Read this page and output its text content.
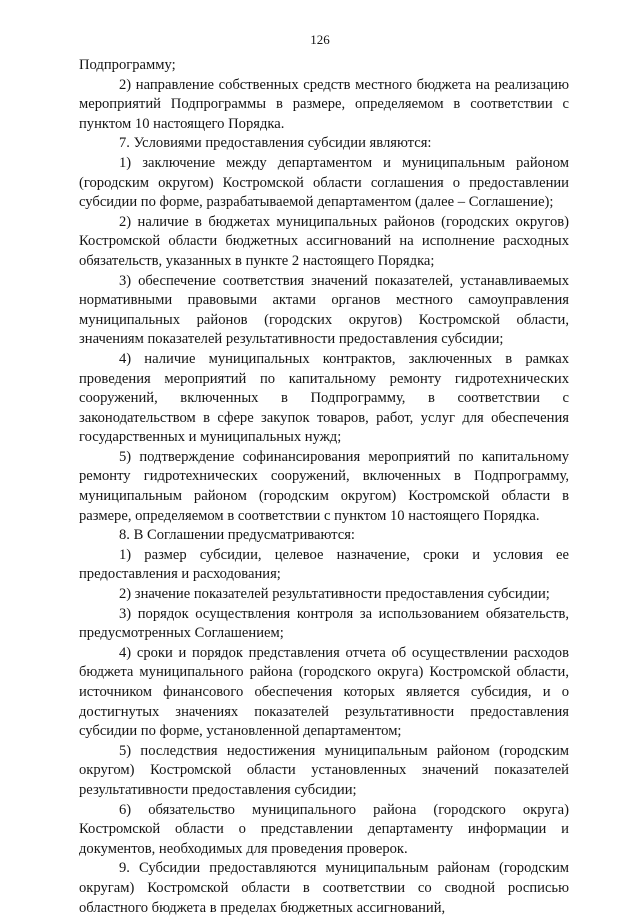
126

Подпрограмму;

2) направление собственных средств местного бюджета на реализацию мероприятий Подпрограммы в размере, определяемом в соответствии с пунктом 10 настоящего Порядка.

7. Условиями предоставления субсидии являются:

1) заключение между департаментом и муниципальным районом (городским округом) Костромской области соглашения о предоставлении субсидии по форме, разрабатываемой департаментом (далее – Соглашение);

2) наличие в бюджетах муниципальных районов (городских округов) Костромской области бюджетных ассигнований на исполнение расходных обязательств, указанных в пункте 2 настоящего Порядка;

3) обеспечение соответствия значений показателей, устанавливаемых нормативными правовыми актами органов местного самоуправления муниципальных районов (городских округов) Костромской области, значениям показателей результативности предоставления субсидии;

4) наличие муниципальных контрактов, заключенных в рамках проведения мероприятий по капитальному ремонту гидротехнических сооружений, включенных в Подпрограмму, в соответствии с законодательством в сфере закупок товаров, работ, услуг для обеспечения государственных и муниципальных нужд;

5) подтверждение софинансирования мероприятий по капитальному ремонту гидротехнических сооружений, включенных в Подпрограмму, муниципальным районом (городским округом) Костромской области в размере, определяемом в соответствии с пунктом 10 настоящего Порядка.

8. В Соглашении предусматриваются:

1) размер субсидии, целевое назначение, сроки и условия ее предоставления и расходования;

2) значение показателей результативности предоставления субсидии;

3) порядок осуществления контроля за использованием обязательств, предусмотренных Соглашением;

4) сроки и порядок представления отчета об осуществлении расходов бюджета муниципального района (городского округа) Костромской области, источником финансового обеспечения которых является субсидия, и о достигнутых значениях показателей результативности предоставления субсидии по форме, установленной департаментом;

5) последствия недостижения муниципальным районом (городским округом) Костромской области установленных значений показателей результативности предоставления субсидии;

6) обязательство муниципального района (городского округа) Костромской области о представлении департаменту информации и документов, необходимых для проведения проверок.

9. Субсидии предоставляются муниципальным районам (городским округам) Костромской области в соответствии со сводной росписью областного бюджета в пределах бюджетных ассигнований,
